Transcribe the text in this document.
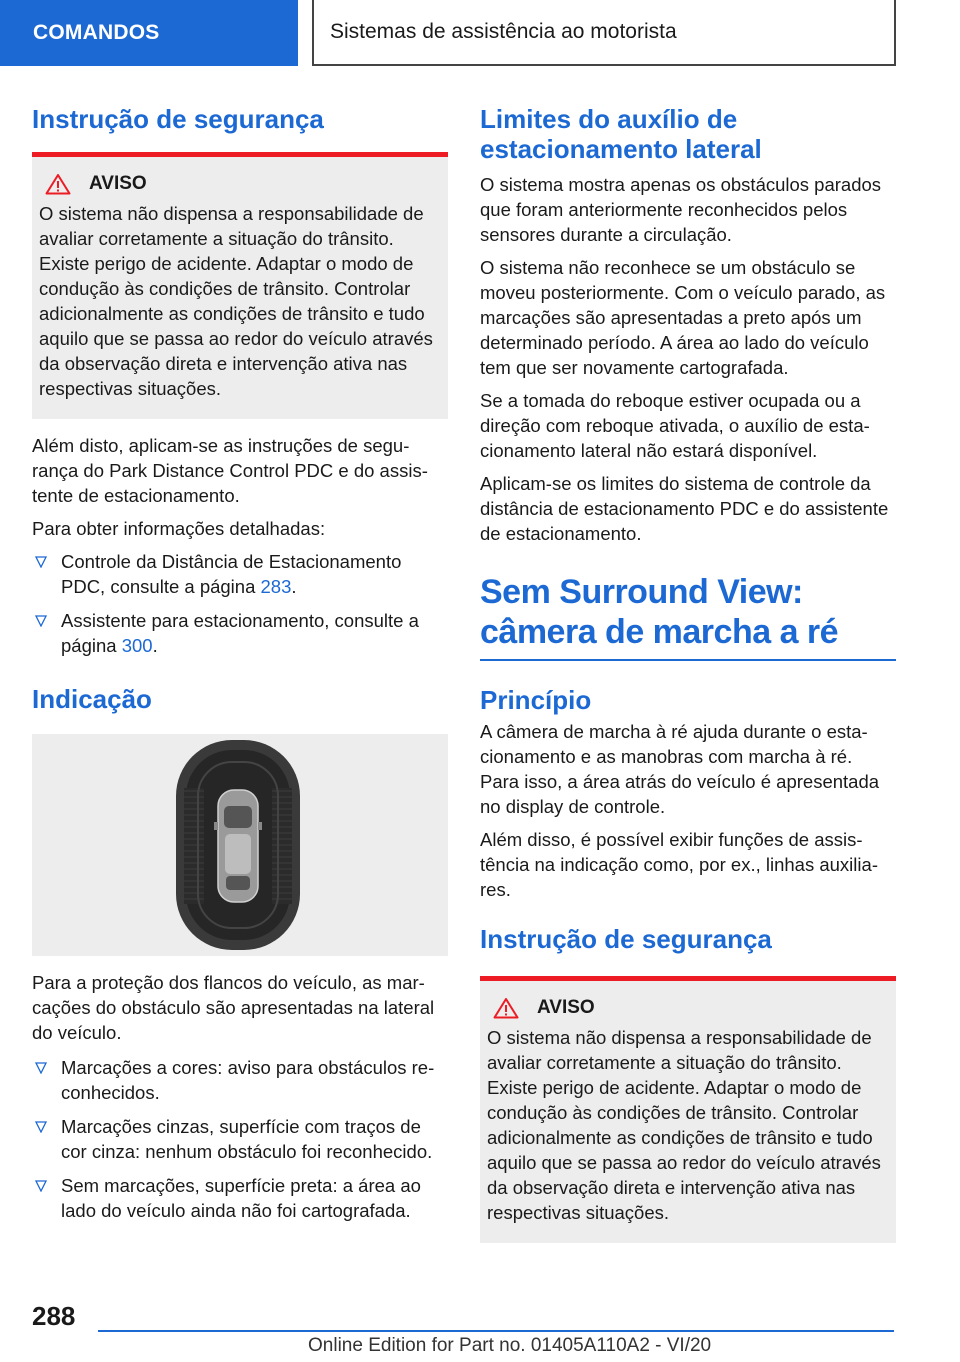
COMANDOS	Sistemas de assistência ao motorista
Instrução de segurança
AVISO
O sistema não dispensa a responsabilidade de avaliar corretamente a situação do trânsito. Existe perigo de acidente. Adaptar o modo de condução às condições de trânsito. Controlar adicionalmente as condições de trânsito e tudo aquilo que se passa ao redor do veículo através da observação direta e intervenção ativa nas respectivas situações.
Além disto, aplicam-se as instruções de segurança do Park Distance Control PDC e do assistente de estacionamento.
Para obter informações detalhadas:
Controle da Distância de Estacionamento PDC, consulte a página 283.
Assistente para estacionamento, consulte a página 300.
Indicação
Para a proteção dos flancos do veículo, as marcações do obstáculo são apresentadas na lateral do veículo.
Marcações a cores: aviso para obstáculos reconhecidos.
Marcações cinzas, superfície com traços de cor cinza: nenhum obstáculo foi reconhecido.
Sem marcações, superfície preta: a área ao lado do veículo ainda não foi cartografada.
Limites do auxílio de estacionamento lateral
O sistema mostra apenas os obstáculos parados que foram anteriormente reconhecidos pelos sensores durante a circulação.
O sistema não reconhece se um obstáculo se moveu posteriormente. Com o veículo parado, as marcações são apresentadas a preto após um determinado período. A área ao lado do veículo tem que ser novamente cartografada.
Se a tomada do reboque estiver ocupada ou a direção com reboque ativada, o auxílio de estacionamento lateral não estará disponível.
Aplicam-se os limites do sistema de controle da distância de estacionamento PDC e do assistente de estacionamento.
Sem Surround View: câmera de marcha a ré
Princípio
A câmera de marcha à ré ajuda durante o estacionamento e as manobras com marcha à ré. Para isso, a área atrás do veículo é apresentada no display de controle.
Além disso, é possível exibir funções de assistência na indicação como, por ex., linhas auxiliares.
Instrução de segurança
AVISO
O sistema não dispensa a responsabilidade de avaliar corretamente a situação do trânsito. Existe perigo de acidente. Adaptar o modo de condução às condições de trânsito. Controlar adicionalmente as condições de trânsito e tudo aquilo que se passa ao redor do veículo através da observação direta e intervenção ativa nas respectivas situações.
288
Online Edition for Part no. 01405A110A2 - VI/20
